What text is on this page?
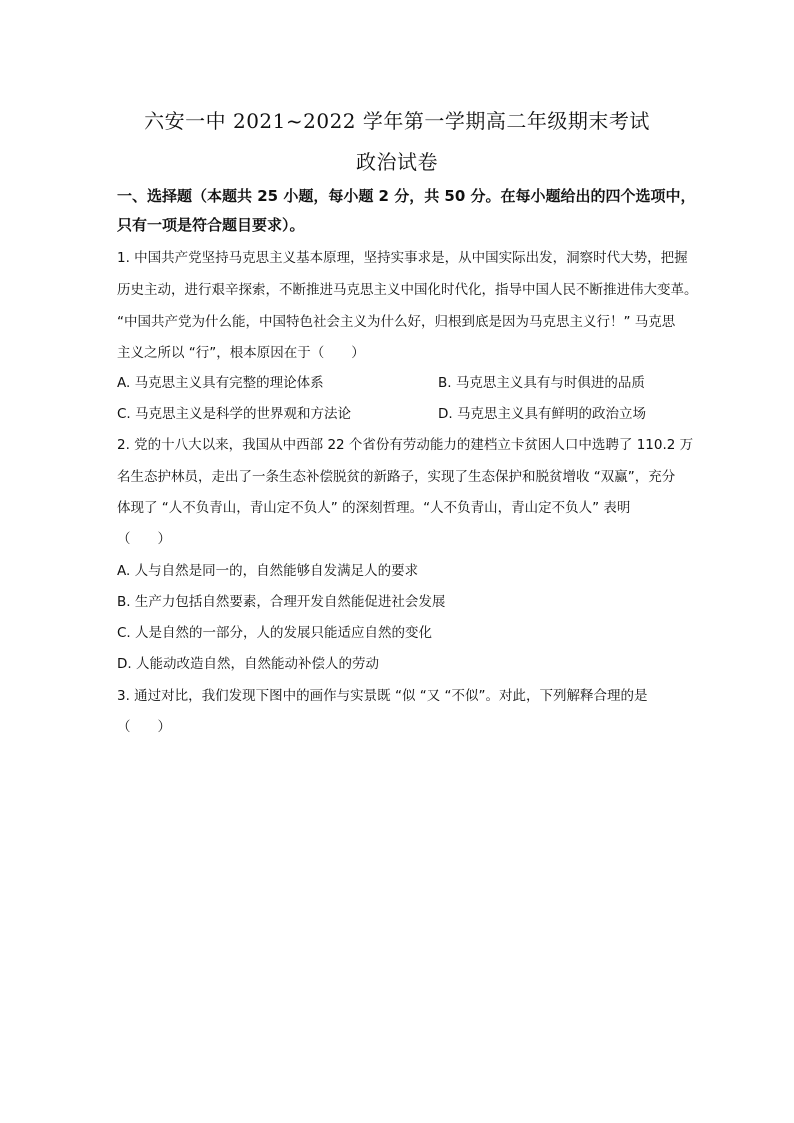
六安一中 2021~2022 学年第一学期高二年级期末考试
政治试卷
一、选择题（本题共 25 小题，每小题 2 分，共 50 分。在每小题给出的四个选项中，
只有一项是符合题目要求）。
1. 中国共产党坚持马克思主义基本原理，坚持实事求是，从中国实际出发，洞察时代大势，把握
历史主动，进行艰辛探索，不断推进马克思主义中国化时代化，指导中国人民不断推进伟大变革。
“中国共产党为什么能，中国特色社会主义为什么好，归根到底是因为马克思主义行！” 马克思
主义之所以 “行”，根本原因在于（　　）
A. 马克思主义具有完整的理论体系	B. 马克思主义具有与时俱进的品质
C. 马克思主义是科学的世界观和方法论	D. 马克思主义具有鲜明的政治立场
2. 党的十八大以来，我国从中西部 22 个省份有劳动能力的建档立卡贫困人口中选聘了 110.2 万
名生态护林员，走出了一条生态补偿脱贫的新路子，实现了生态保护和脱贫增收 “双赢”，充分
体现了 “人不负青山，青山定不负人” 的深刻哲理。“人不负青山，青山定不负人” 表明
（　　）
A. 人与自然是同一的，自然能够自发满足人的要求
B. 生产力包括自然要素，合理开发自然能促进社会发展
C. 人是自然的一部分，人的发展只能适应自然的变化
D. 人能动改造自然，自然能动补偿人的劳动
3. 通过对比，我们发现下图中的画作与实景既 “似 “又 “不似”。对此，下列解释合理的是
（　　）
